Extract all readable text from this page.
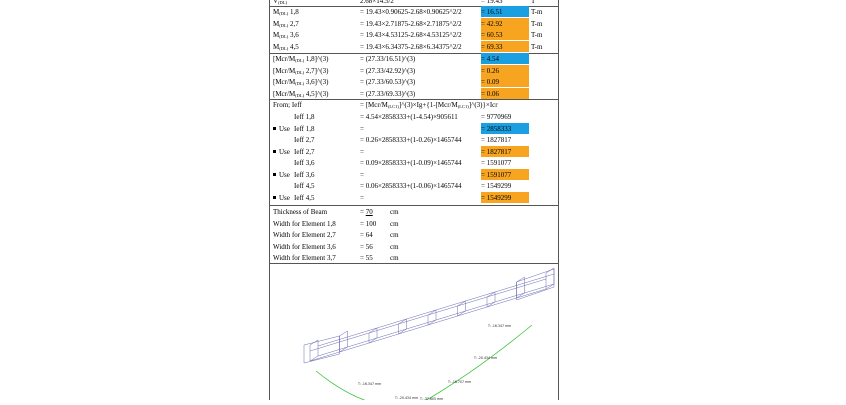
$V_{(DL)}$	2.68×14.5/2	= 19.43	T
$M_{(DL)}$ 1,8	= 19.43×0.90625-2.68×0.90625^2/2	= 16.51	T-m
$M_{(DL)}$ 2,7	= 19.43×2.71875-2.68×2.71875^2/2	= 42.92	T-m
$M_{(DL)}$ 3,6	= 19.43×4.53125-2.68×4.53125^2/2	= 60.53	T-m
$M_{(DL)}$ 4,5	= 19.43×6.34375-2.68×6.34375^2/2	= 69.33	T-m
[$Mcr/M_{(DL)}$ 1,8]^(3)	= (27.33/16.51)^(3)	= 4.54
[$Mcr/M_{(DL)}$ 2,7]^(3)	= (27.33/42.92)^(3)	= 0.26
[$Mcr/M_{(DL)}$ 3,6]^(3)	= (27.33/60.53)^(3)	= 0.09
[$Mcr/M_{(DL)}$ 4,5]^(3)	= (27.33/69.33)^(3)	= 0.06
From; Ieff	= $[Mcr/M_{(LC1)}]\^{}(3)\times Ig+\{1-[Mcr/M_{(LC1)}]\^{}(3)\}\times Icr$
Ieff 1,8	= 4.54×2858333+(1-4.54)×905611	= 9770969
Use Ieff 1,8	=	= 2858333
Ieff 2,7	= 0.26×2858333+(1-0.26)×1465744	= 1827817
Use Ieff 2,7	=	= 1827817
Ieff 3,6	= 0.09×2858333+(1-0.09)×1465744	= 1591077
Use Ieff 3,6	=	= 1591077
Ieff 4,5	= 0.06×2858333+(1-0.06)×1465744	= 1549299
Use Ieff 4,5	=	= 1549299
Thickness of Beam	= 70 cm
Width for Element 1,8	= 100 cm
Width for Element 2,7	= 64 cm
Width for Element 3,6	= 56 cm
Width for Element 3,7	= 55 cm
T: -16.347 mm
T: -20.434 mm
T: -16.347 mm
T: -20.434 mm
T: -16.707 mm
T: -37.605 mm
